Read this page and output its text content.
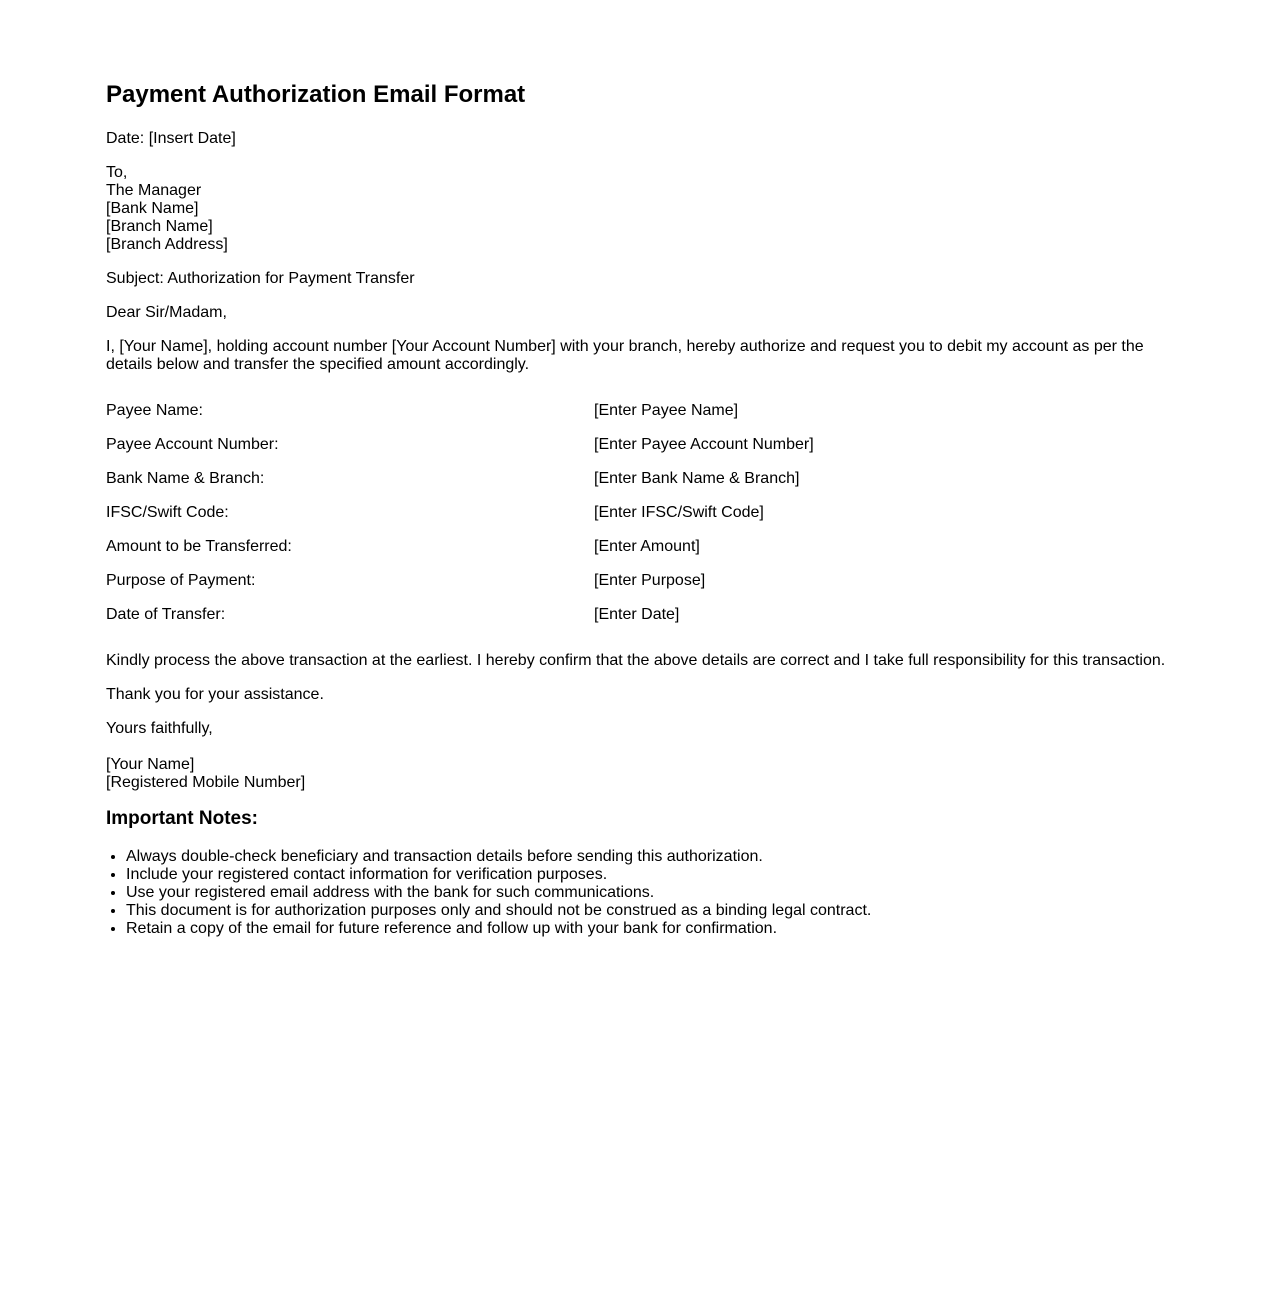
Payment Authorization Email Format

Date: [Insert Date]

To,
The Manager
[Bank Name]
[Branch Name]
[Branch Address]

Subject: Authorization for Payment Transfer

Dear Sir/Madam,

I, [Your Name], holding account number [Your Account Number] with your branch, hereby authorize and request you to debit my account as per the details below and transfer the specified amount accordingly.

Payee Name:	[Enter Payee Name]
Payee Account Number:	[Enter Payee Account Number]
Bank Name & Branch:	[Enter Bank Name & Branch]
IFSC/Swift Code:	[Enter IFSC/Swift Code]
Amount to be Transferred:	[Enter Amount]
Purpose of Payment:	[Enter Purpose]
Date of Transfer:	[Enter Date]

Kindly process the above transaction at the earliest. I hereby confirm that the above details are correct and I take full responsibility for this transaction.

Thank you for your assistance.

Yours faithfully,

[Your Name]
[Registered Mobile Number]
Important Notes:
• Always double-check beneficiary and transaction details before sending this authorization.
• Include your registered contact information for verification purposes.
• Use your registered email address with the bank for such communications.
• This document is for authorization purposes only and should not be construed as a binding legal contract.
• Retain a copy of the email for future reference and follow up with your bank for confirmation.
